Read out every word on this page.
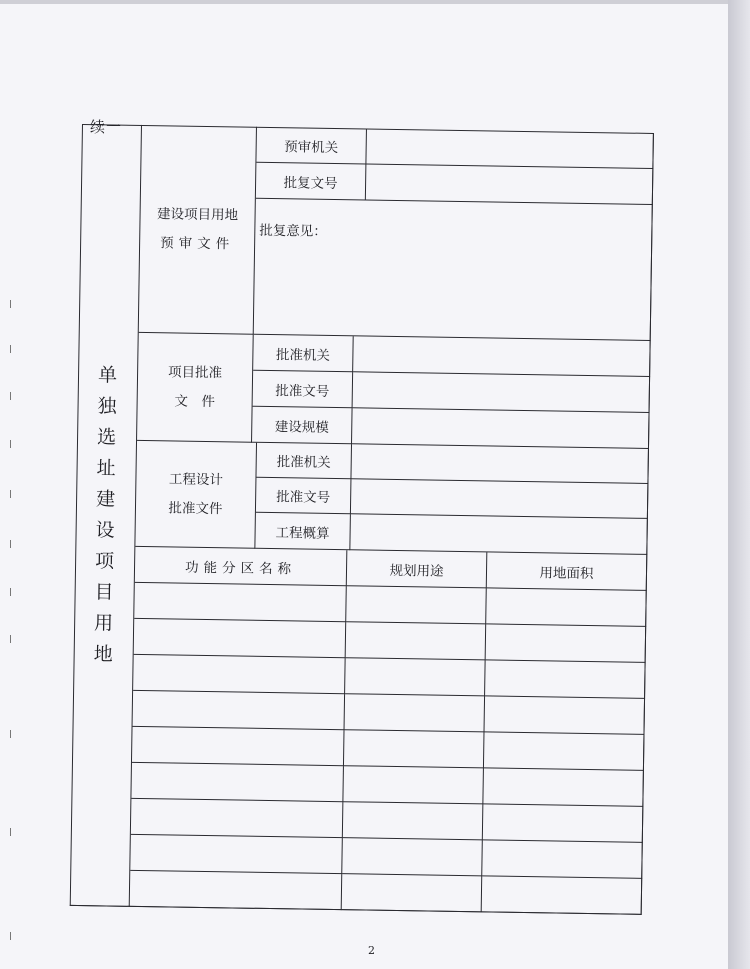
续一
单
独
选
址
建
设
项
目
用
地
建设项目用地
预审文件
预审机关
批复文号
批复意见：
项目批准
文　件
批准机关
批准文号
建设规模
工程设计
批准文件
批准机关
批准文号
工程概算
功能分区名称	规划用途	用地面积
2
